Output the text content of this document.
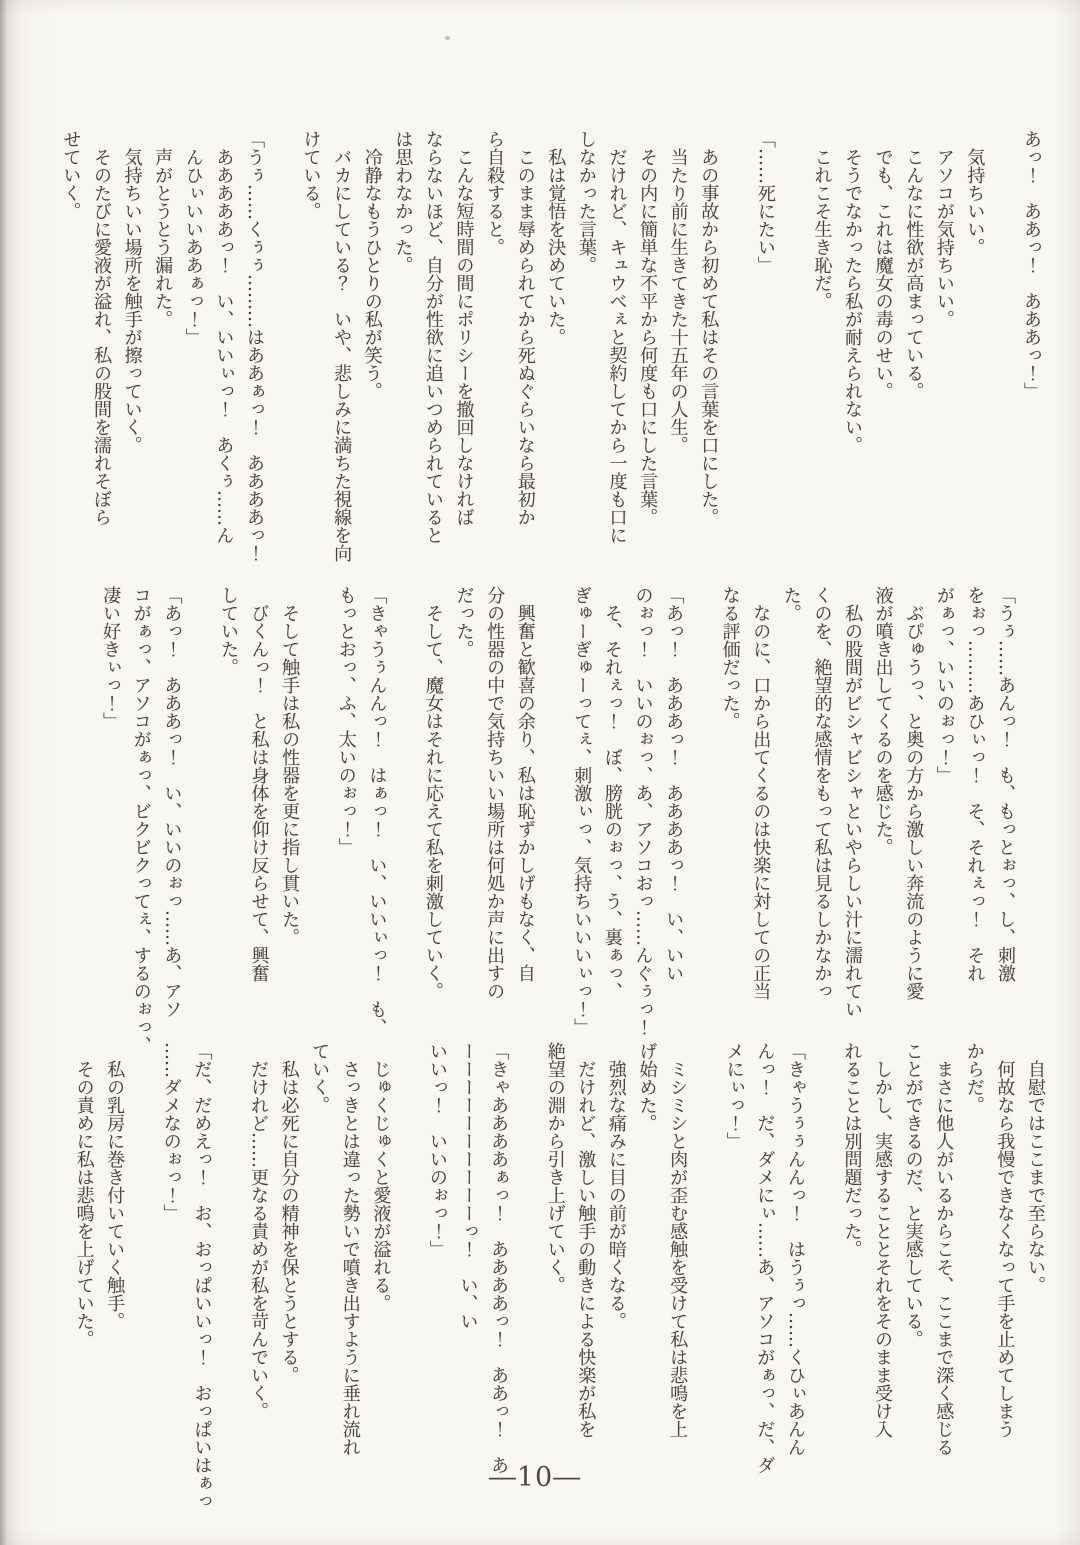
あっ！　ああっ！　あああっ！」

気持ちいい。

アソコが気持ちいい。

こんなに性欲が高まっている。

でも、これは魔女の毒のせい。

そうでなかったら私が耐えられない。

これこそ生き恥だ。

「……死にたい」

あの事故から初めて私はその言葉を口にした。

当たり前に生きてきた十五年の人生。

その内に簡単な不平から何度も口にした言葉。

だけれど、キュウべぇと契約してから一度も口に

しなかった言葉。

私は覚悟を決めていた。

このまま辱められてから死ぬぐらいなら最初か

ら自殺すると。

こんな短時間の間にポリシーを撤回しなければ

ならないほど、自分が性欲に追いつめられていると

は思わなかった。

冷静なもうひとりの私が笑う。

バカにしている？　いや、悲しみに満ちた視線を向

けている。

「うぅ……くぅぅ………はああぁっ！　ああああっ！

あああああっ！　い、いいぃっ！　あくぅ……ん

んひぃいいああぁっ！」

声がとうとう漏れた。

気持ちいい場所を触手が擦っていく。

そのたびに愛液が溢れ、私の股間を濡れそぼら

せていく。

「うぅ……あんっ！　も、もっとぉっ、し、刺激

をぉっ………あひぃっ！　そ、それぇっ！　それ

がぁっ、いいのぉっ！」

ぶぴゅうっ、と奥の方から激しい奔流のように愛

液が噴き出してくるのを感じた。

私の股間がビシャビシャといやらしい汁に濡れてい

くのを、絶望的な感情をもって私は見るしかなかっ

た。

なのに、口から出てくるのは快楽に対しての正当

なる評価だった。

「あっ！　あああっ！　ああああっ！　い、いい

のぉっ！　いいのぉっ、あ、アソコおっ……んぐぅっ！

そ、それぇっ！　ぼ、膀胱のぉっ、う、裏ぁっ、

ぎゅーぎゅーってぇ、刺激ぃっ、気持ちいいいぃっ！」

興奮と歓喜の余り、私は恥ずかしげもなく、自

分の性器の中で気持ちいい場所は何処か声に出すの

だった。

そして、魔女はそれに応えて私を刺激していく。

「きゃうぅんんっ！　はぁっ！　い、いいぃっ！　も、

もっとおっ、ふ、太いのぉっ！」

そして触手は私の性器を更に指し貫いた。

びくんっ！　と私は身体を仰け反らせて、興奮

していた。

「あっ！　あああっ！　い、いいのぉっ……あ、アソ

コがぁっ、アソコがぁっ、ビクビクってぇ、するのぉっ、

凄い好きぃっ！」

自慰ではここまで至らない。

何故なら我慢できなくなって手を止めてしまう

からだ。

まさに他人がいるからこそ、ここまで深く感じる

ことができるのだ、と実感している。

しかし、実感することとそれをそのまま受け入

れることは別問題だった。

「きゃうぅぅんんっ！　はうぅっ……くひぃあんん

んっ！　だ、ダメにぃ……あ、アソコがぁっ、だ、ダ

メにぃっ！」

ミシミシと肉が歪む感触を受けて私は悲鳴を上

げ始めた。

強烈な痛みに目の前が暗くなる。

だけれど、激しい触手の動きによる快楽が私を

絶望の淵から引き上げていく。

「きゃああああぁっ！　ああああっ！　ああっ！　あ

ーーーーーーーーーーっ！　い、い

いいっ！　いいのぉっ！」

じゅくじゅくと愛液が溢れる。

さっきとは違った勢いで噴き出すように垂れ流れ

ていく。

私は必死に自分の精神を保とうとする。

だけれど……更なる責めが私を苛んでいく。

「だ、だめえっ！　お、おっぱいいっ！　おっぱいはぁっ

……ダメなのぉっ！」

私の乳房に巻き付いていく触手。

その責めに私は悲鳴を上げていた。

―10―
